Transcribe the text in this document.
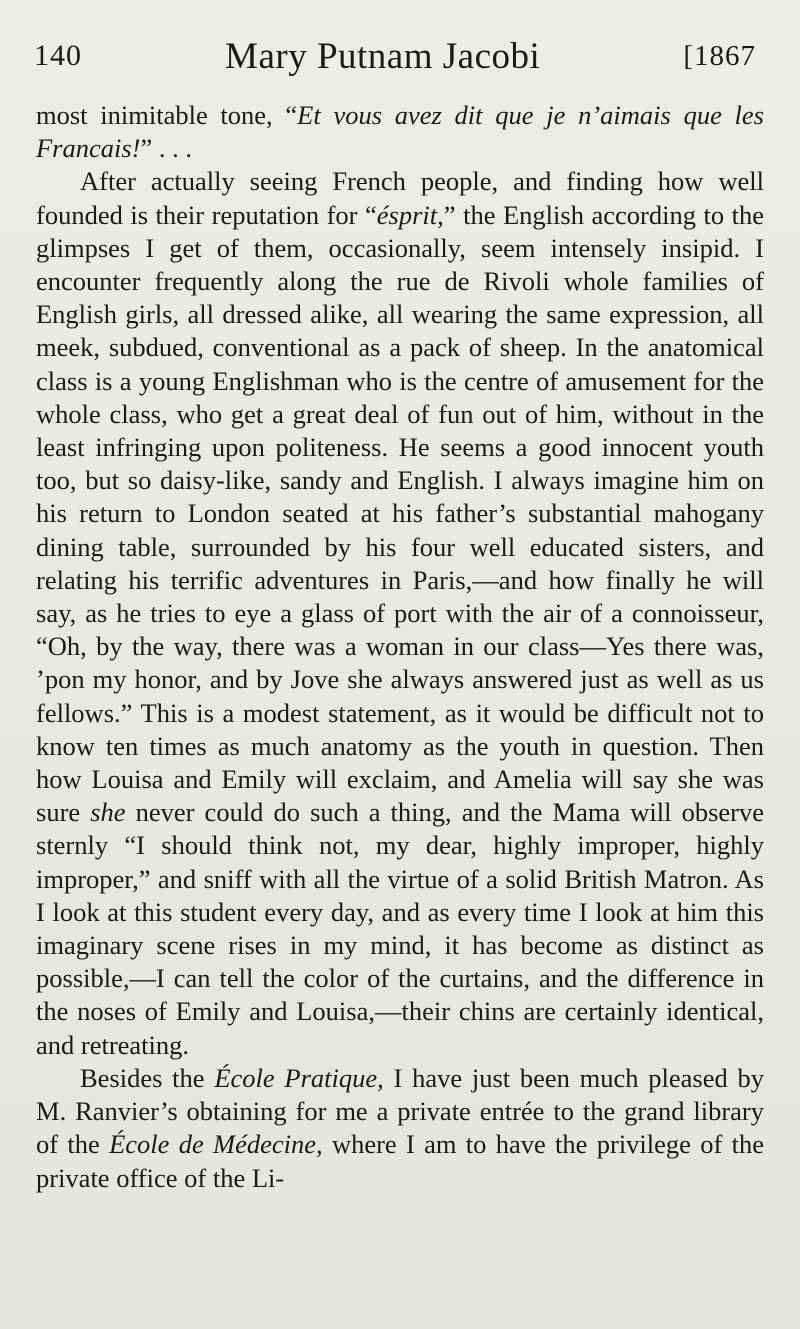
140	Mary Putnam Jacobi	[1867

most inimitable tone, “Et vous avez dit que je n’aimais que les Francais!” . . .

After actually seeing French people, and finding how well founded is their reputation for “ésprit,” the English according to the glimpses I get of them, occasionally, seem intensely insipid. I encounter frequently along the rue de Rivoli whole families of English girls, all dressed alike, all wearing the same expression, all meek, subdued, conventional as a pack of sheep. In the anatomical class is a young Englishman who is the centre of amusement for the whole class, who get a great deal of fun out of him, without in the least infringing upon politeness. He seems a good innocent youth too, but so daisy-like, sandy and English. I always imagine him on his return to London seated at his father’s substantial mahogany dining table, surrounded by his four well educated sisters, and relating his terrific adventures in Paris,—and how finally he will say, as he tries to eye a glass of port with the air of a connoisseur, “Oh, by the way, there was a woman in our class—Yes there was, ’pon my honor, and by Jove she always answered just as well as us fellows.” This is a modest statement, as it would be difficult not to know ten times as much anatomy as the youth in question. Then how Louisa and Emily will exclaim, and Amelia will say she was sure she never could do such a thing, and the Mama will observe sternly “I should think not, my dear, highly improper, highly improper,” and sniff with all the virtue of a solid British Matron. As I look at this student every day, and as every time I look at him this imaginary scene rises in my mind, it has become as distinct as possible,—I can tell the color of the curtains, and the difference in the noses of Emily and Louisa,—their chins are certainly identical, and retreating.

Besides the École Pratique, I have just been much pleased by M. Ranvier’s obtaining for me a private entrée to the grand library of the École de Médecine, where I am to have the privilege of the private office of the Li-
